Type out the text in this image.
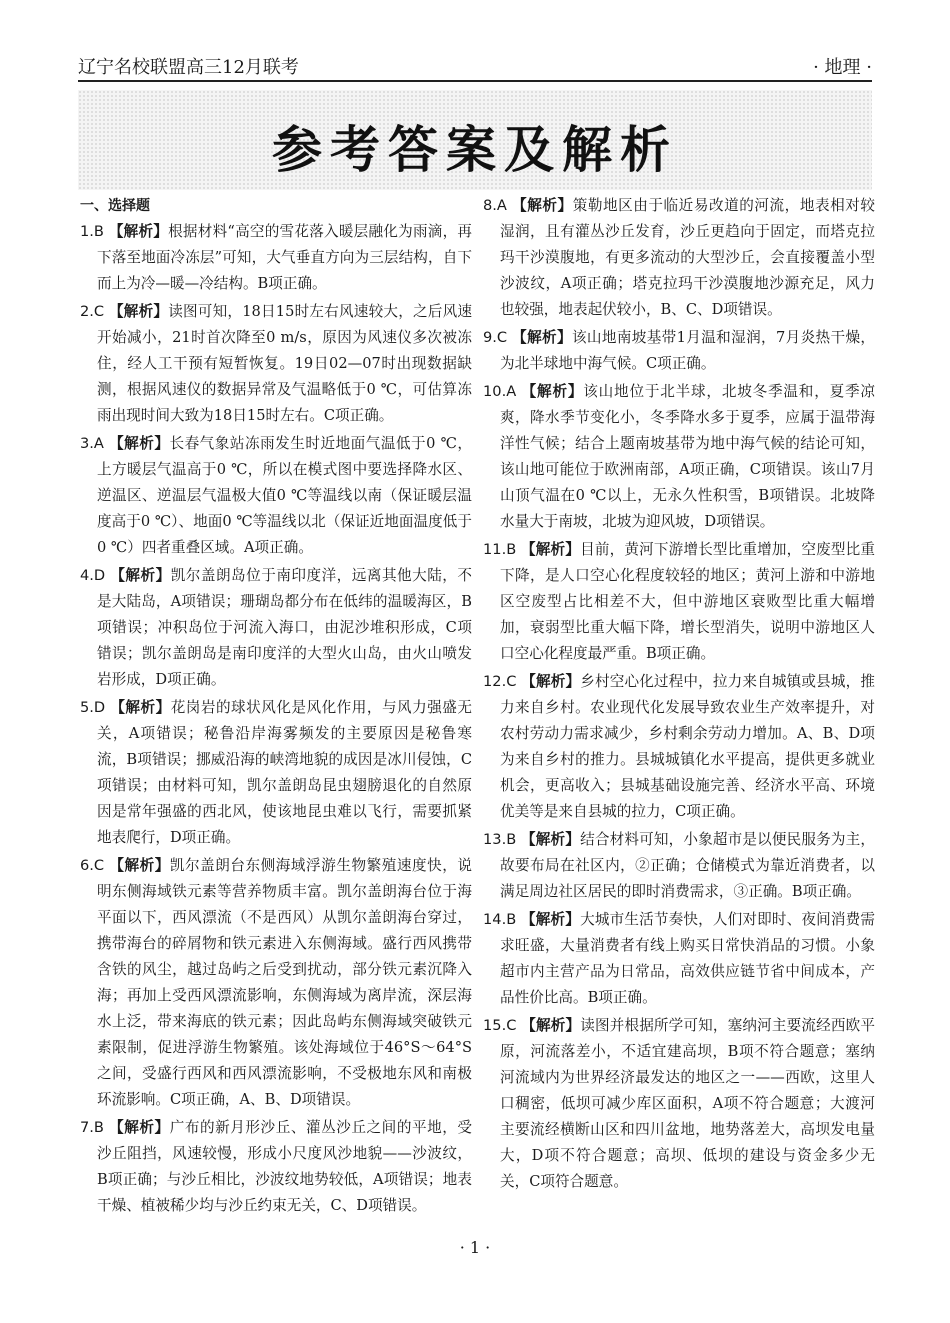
辽宁名校联盟高三12月联考	· 地理 ·
参考答案及解析
一、选择题
1.B 【解析】根据材料“高空的雪花落入暖层融化为雨滴，再下落至地面冷冻层”可知，大气垂直方向为三层结构，自下而上为冷—暖—冷结构。B项正确。
2.C 【解析】读图可知，18日15时左右风速较大，之后风速开始减小，21时首次降至0 m/s，原因为风速仪多次被冻住，经人工干预有短暂恢复。19日02—07时出现数据缺测，根据风速仪的数据异常及气温略低于0 ℃，可估算冻雨出现时间大致为18日15时左右。C项正确。
3.A 【解析】长春气象站冻雨发生时近地面气温低于0 ℃，上方暖层气温高于0 ℃，所以在模式图中要选择降水区、逆温区、逆温层气温极大值0 ℃等温线以南（保证暖层温度高于0 ℃）、地面0 ℃等温线以北（保证近地面温度低于0 ℃）四者重叠区域。A项正确。
4.D 【解析】凯尔盖朗岛位于南印度洋，远离其他大陆，不是大陆岛，A项错误；珊瑚岛都分布在低纬的温暖海区，B项错误；冲积岛位于河流入海口，由泥沙堆积形成，C项错误；凯尔盖朗岛是南印度洋的大型火山岛，由火山喷发岩形成，D项正确。
5.D 【解析】花岗岩的球状风化是风化作用，与风力强盛无关，A项错误；秘鲁沿岸海雾频发的主要原因是秘鲁寒流，B项错误；挪威沿海的峡湾地貌的成因是冰川侵蚀，C项错误；由材料可知，凯尔盖朗岛昆虫翅膀退化的自然原因是常年强盛的西北风，使该地昆虫难以飞行，需要抓紧地表爬行，D项正确。
6.C 【解析】凯尔盖朗台东侧海域浮游生物繁殖速度快，说明东侧海域铁元素等营养物质丰富。凯尔盖朗海台位于海平面以下，西风漂流（不是西风）从凯尔盖朗海台穿过，携带海台的碎屑物和铁元素进入东侧海域。盛行西风携带含铁的风尘，越过岛屿之后受到扰动，部分铁元素沉降入海；再加上受西风漂流影响，东侧海域为离岸流，深层海水上泛，带来海底的铁元素；因此岛屿东侧海域突破铁元素限制，促进浮游生物繁殖。该处海域位于46°S～64°S之间，受盛行西风和西风漂流影响，不受极地东风和南极环流影响。C项正确，A、B、D项错误。
7.B 【解析】广布的新月形沙丘、灌丛沙丘之间的平地，受沙丘阻挡，风速较慢，形成小尺度风沙地貌——沙波纹，B项正确；与沙丘相比，沙波纹地势较低，A项错误；地表干燥、植被稀少均与沙丘约束无关，C、D项错误。
8.A 【解析】策勒地区由于临近易改道的河流，地表相对较湿润，且有灌丛沙丘发育，沙丘更趋向于固定，而塔克拉玛干沙漠腹地，有更多流动的大型沙丘，会直接覆盖小型沙波纹，A项正确；塔克拉玛干沙漠腹地沙源充足，风力也较强，地表起伏较小，B、C、D项错误。
9.C 【解析】该山地南坡基带1月温和湿润，7月炎热干燥，为北半球地中海气候。C项正确。
10.A 【解析】该山地位于北半球，北坡冬季温和，夏季凉爽，降水季节变化小，冬季降水多于夏季，应属于温带海洋性气候；结合上题南坡基带为地中海气候的结论可知，该山地可能位于欧洲南部，A项正确，C项错误。该山7月山顶气温在0 ℃以上，无永久性积雪，B项错误。北坡降水量大于南坡，北坡为迎风坡，D项错误。
11.B 【解析】目前，黄河下游增长型比重增加，空废型比重下降，是人口空心化程度较轻的地区；黄河上游和中游地区空废型占比相差不大，但中游地区衰败型比重大幅增加，衰弱型比重大幅下降，增长型消失，说明中游地区人口空心化程度最严重。B项正确。
12.C 【解析】乡村空心化过程中，拉力来自城镇或县城，推力来自乡村。农业现代化发展导致农业生产效率提升，对农村劳动力需求减少，乡村剩余劳动力增加。A、B、D项为来自乡村的推力。县城城镇化水平提高，提供更多就业机会，更高收入；县城基础设施完善、经济水平高、环境优美等是来自县城的拉力，C项正确。
13.B 【解析】结合材料可知，小象超市是以便民服务为主，故要布局在社区内，②正确；仓储模式为靠近消费者，以满足周边社区居民的即时消费需求，③正确。B项正确。
14.B 【解析】大城市生活节奏快，人们对即时、夜间消费需求旺盛，大量消费者有线上购买日常快消品的习惯。小象超市内主营产品为日常品，高效供应链节省中间成本，产品性价比高。B项正确。
15.C 【解析】读图并根据所学可知，塞纳河主要流经西欧平原，河流落差小，不适宜建高坝，B项不符合题意；塞纳河流域内为世界经济最发达的地区之一——西欧，这里人口稠密，低坝可减少库区面积，A项不符合题意；大渡河主要流经横断山区和四川盆地，地势落差大，高坝发电量大，D项不符合题意；高坝、低坝的建设与资金多少无关，C项符合题意。
· 1 ·
